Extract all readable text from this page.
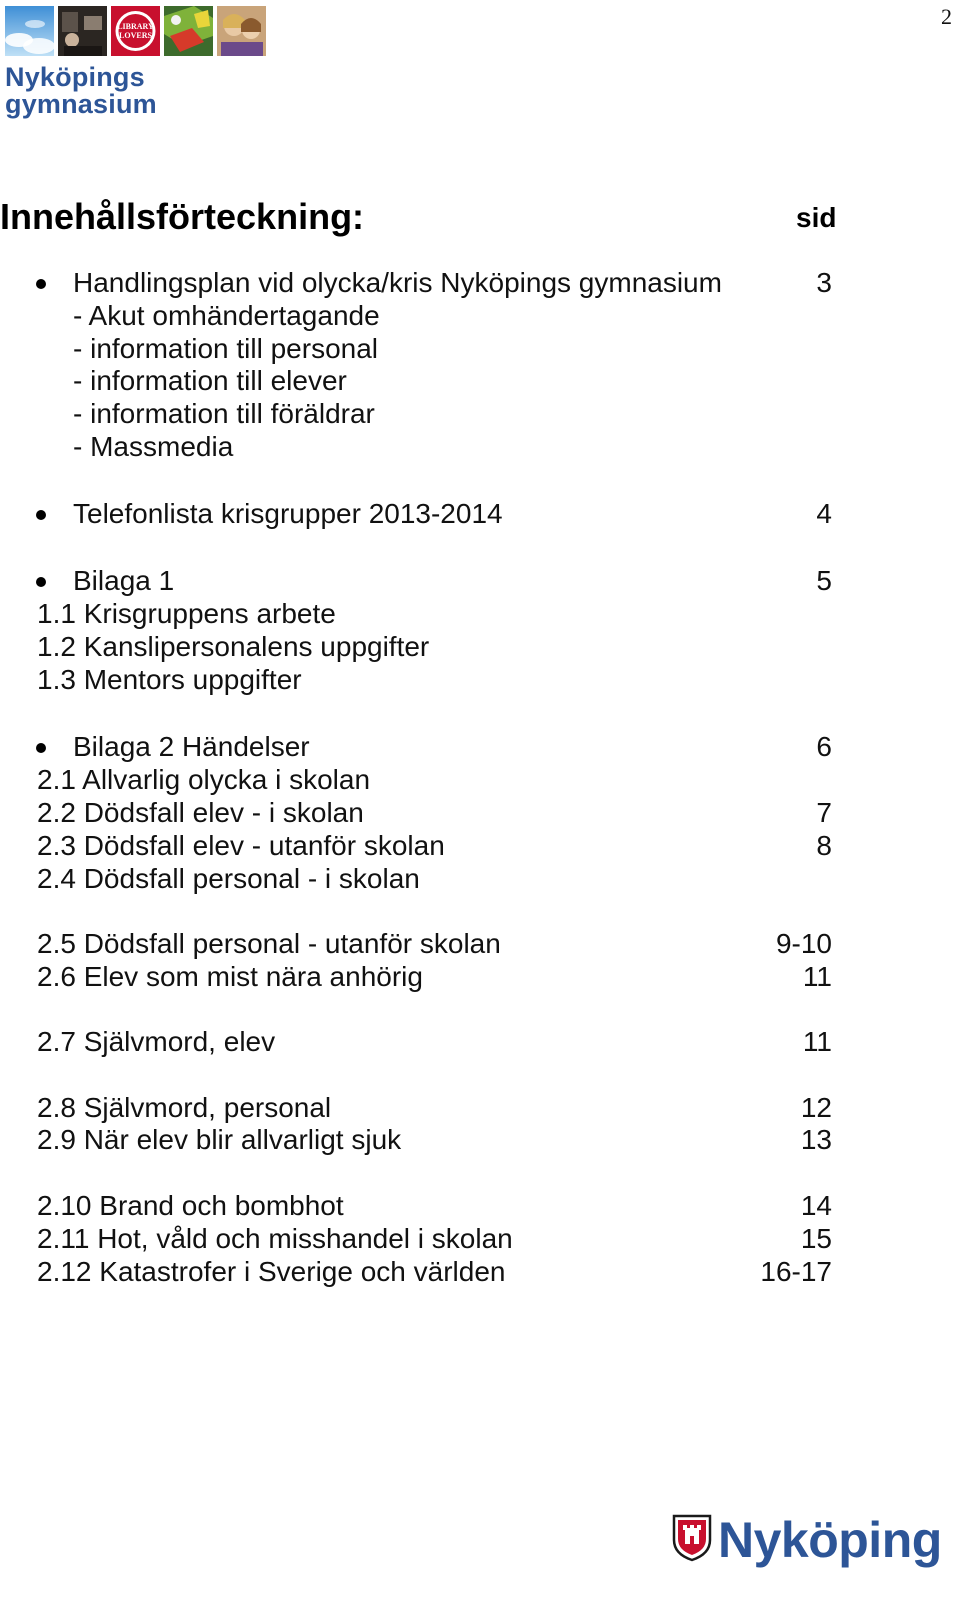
2
LIBRARY
LOVERS
Nyköpings
gymnasium
Innehållsförteckning:	sid
Handlingsplan vid olycka/kris Nyköpings gymnasium	3
- Akut omhändertagande
- information till personal
- information till elever
- information till föräldrar
- Massmedia
Telefonlista krisgrupper 2013-2014	4
Bilaga 1	5
1.1 Krisgruppens arbete
1.2 Kanslipersonalens uppgifter
1.3 Mentors uppgifter
Bilaga 2 Händelser	6
2.1 Allvarlig olycka i skolan
2.2 Dödsfall elev - i skolan	7
2.3 Dödsfall elev - utanför skolan	8
2.4 Dödsfall personal - i skolan
2.5 Dödsfall personal - utanför skolan	9-10
2.6 Elev som mist nära anhörig	11
2.7 Självmord, elev	11
2.8 Självmord, personal	12
2.9 När elev blir allvarligt sjuk	13
2.10 Brand och bombhot	14
2.11 Hot, våld och misshandel i skolan	15
2.12 Katastrofer i Sverige och världen	16-17
Nyköping
